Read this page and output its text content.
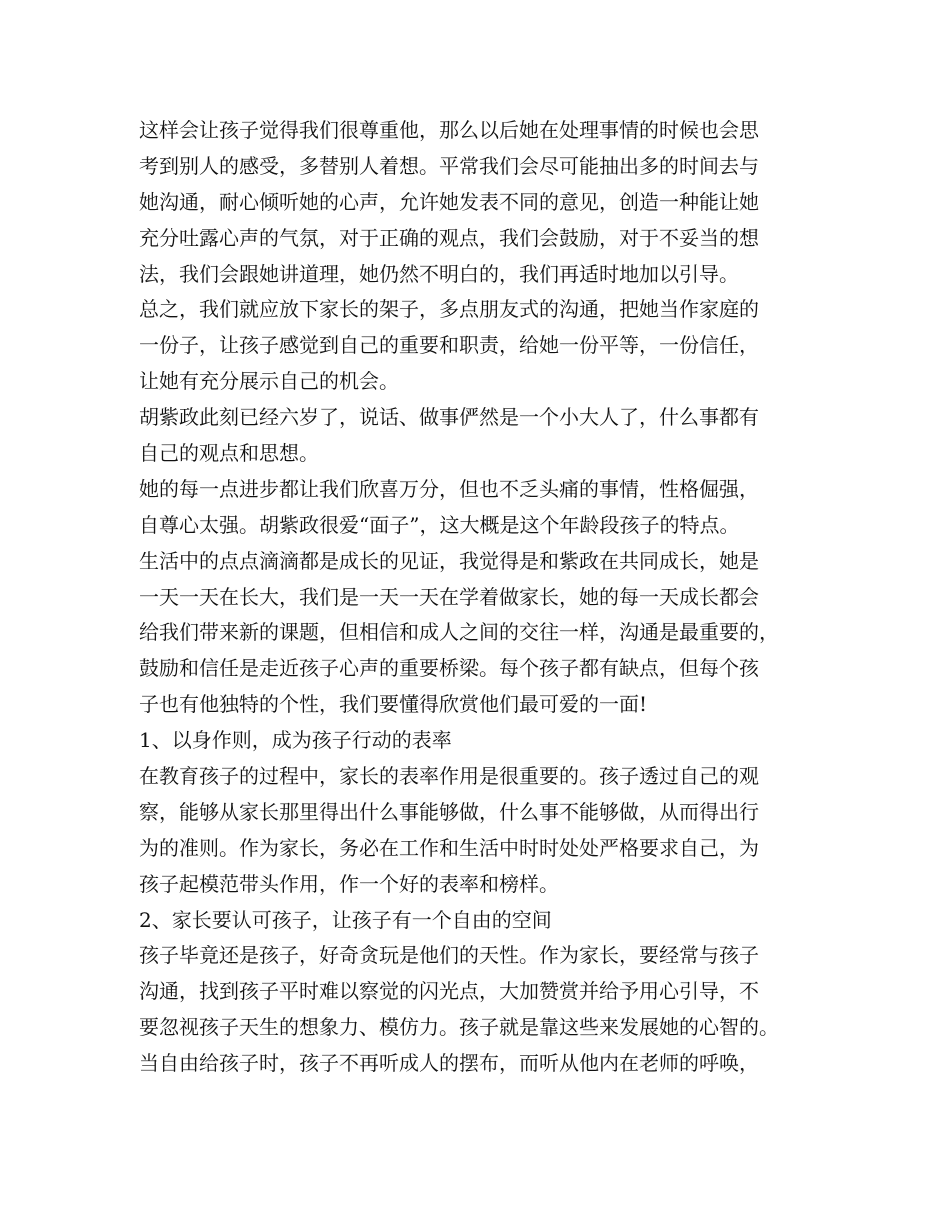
这样会让孩子觉得我们很尊重他，那么以后她在处理事情的时候也会思

考到别人的感受，多替别人着想。平常我们会尽可能抽出多的时间去与

她沟通，耐心倾听她的心声，允许她发表不同的意见，创造一种能让她

充分吐露心声的气氛，对于正确的观点，我们会鼓励，对于不妥当的想

法，我们会跟她讲道理，她仍然不明白的，我们再适时地加以引导。

总之，我们就应放下家长的架子，多点朋友式的沟通，把她当作家庭的

一份子，让孩子感觉到自己的重要和职责，给她一份平等，一份信任，

让她有充分展示自己的机会。

胡紫政此刻已经六岁了，说话、做事俨然是一个小大人了，什么事都有

自己的观点和思想。

她的每一点进步都让我们欣喜万分，但也不乏头痛的事情，性格倔强，

自尊心太强。胡紫政很爱“面子”，这大概是这个年龄段孩子的特点。

生活中的点点滴滴都是成长的见证，我觉得是和紫政在共同成长，她是

一天一天在长大，我们是一天一天在学着做家长，她的每一天成长都会

给我们带来新的课题，但相信和成人之间的交往一样，沟通是最重要的，

鼓励和信任是走近孩子心声的重要桥梁。每个孩子都有缺点，但每个孩

子也有他独特的个性，我们要懂得欣赏他们最可爱的一面!

1、以身作则，成为孩子行动的表率

在教育孩子的过程中，家长的表率作用是很重要的。孩子透过自己的观

察，能够从家长那里得出什么事能够做，什么事不能够做，从而得出行

为的准则。作为家长，务必在工作和生活中时时处处严格要求自己，为

孩子起模范带头作用，作一个好的表率和榜样。

2、家长要认可孩子，让孩子有一个自由的空间

孩子毕竟还是孩子，好奇贪玩是他们的天性。作为家长，要经常与孩子

沟通，找到孩子平时难以察觉的闪光点，大加赞赏并给予用心引导，不

要忽视孩子天生的想象力、模仿力。孩子就是靠这些来发展她的心智的。

当自由给孩子时，孩子不再听成人的摆布，而听从他内在老师的呼唤，
